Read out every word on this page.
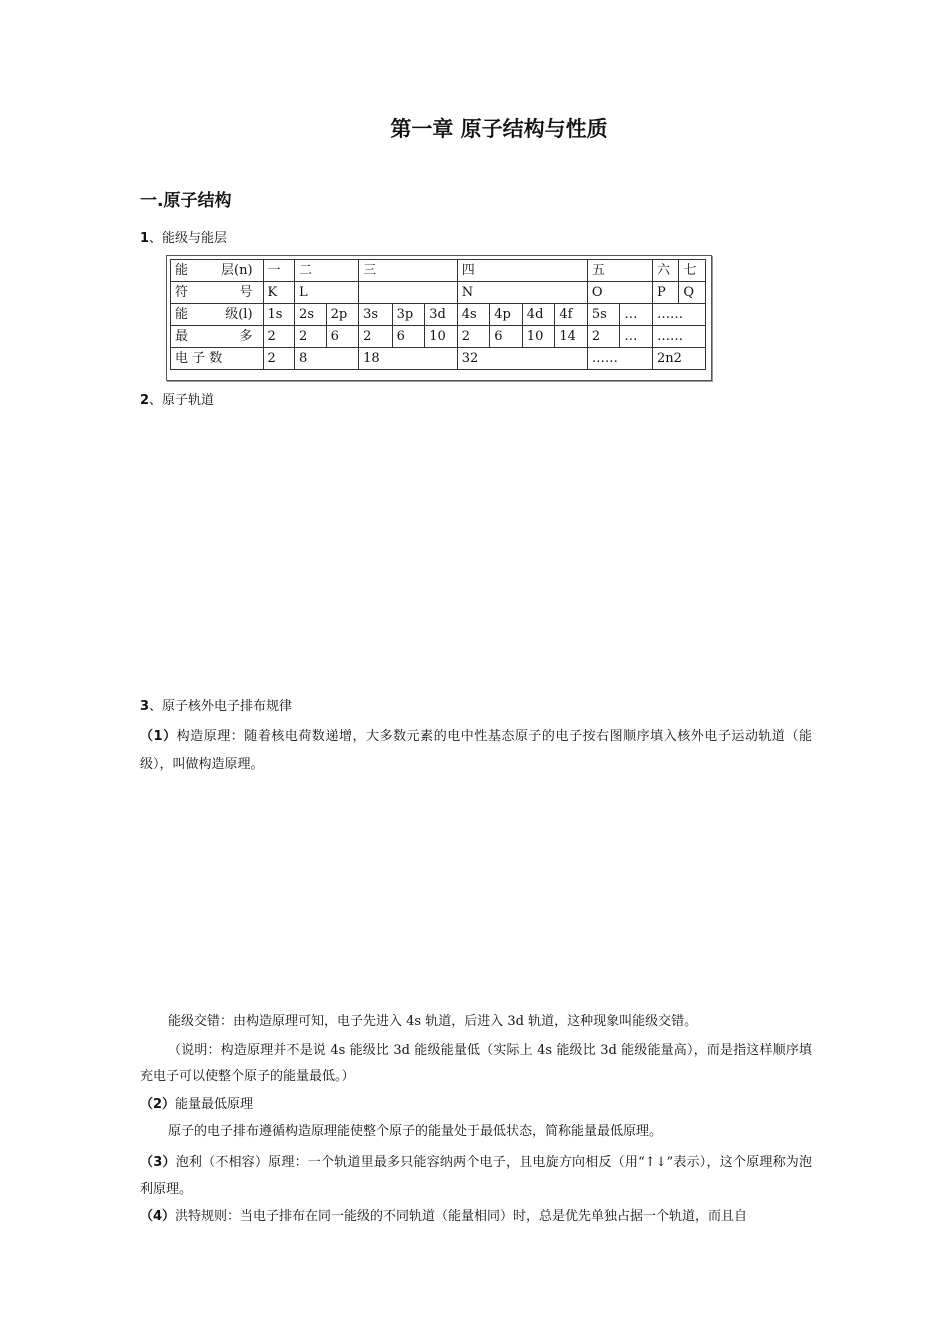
第一章 原子结构与性质
一.原子结构
1、能级与能层
能 层(n)	一	二		三			四				五		六	七

符 号	K	L					N				O		P	Q

能 级(l)	1s	2s	2p	3s	3p	3d	4s	4p	4d	4f	5s	…	……	

最 多	2	2	6	2	6	10	2	6	10	14	2	…	……	
电 子 数	2	8		18			32				……		2n2	
2、原子轨道
3、原子核外电子排布规律
（1）构造原理：随着核电荷数递增，大多数元素的电中性基态原子的电子按右图顺序填入核外电子运动轨道（能级），叫做构造原理。
能级交错：由构造原理可知，电子先进入 4s 轨道，后进入 3d 轨道，这种现象叫能级交错。
（说明：构造原理并不是说 4s 能级比 3d 能级能量低（实际上 4s 能级比 3d 能级能量高），而是指这样顺序填充电子可以使整个原子的能量最低。）
（2）能量最低原理
原子的电子排布遵循构造原理能使整个原子的能量处于最低状态，简称能量最低原理。
（3）泡利（不相容）原理：一个轨道里最多只能容纳两个电子，且电旋方向相反（用“↑↓”表示），这个原理称为泡利原理。
（4）洪特规则：当电子排布在同一能级的不同轨道（能量相同）时，总是优先单独占据一个轨道，而且自
